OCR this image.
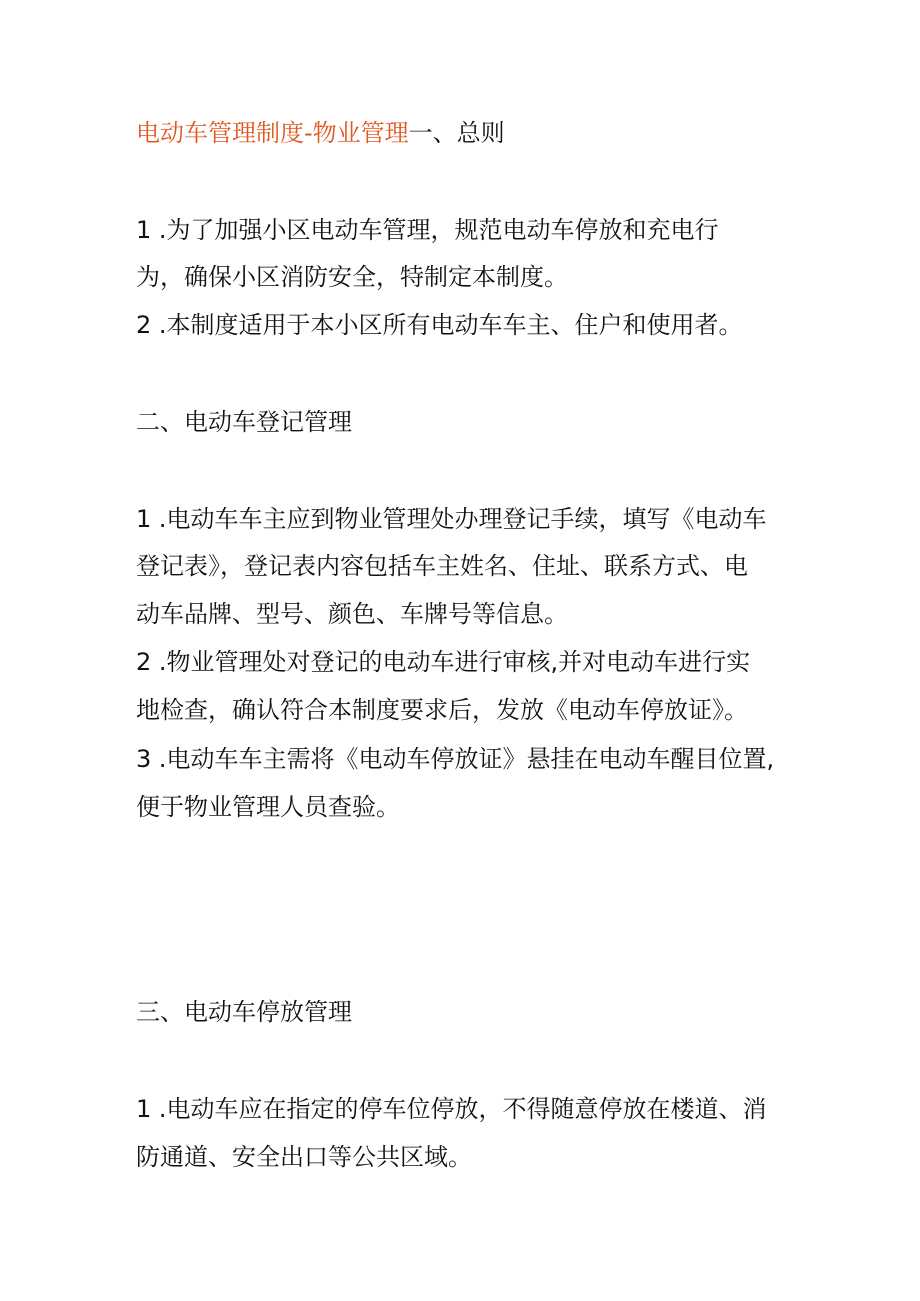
电动车管理制度-物业管理一、总则
1 .为了加强小区电动车管理，规范电动车停放和充电行
为，确保小区消防安全，特制定本制度。
2 .本制度适用于本小区所有电动车车主、住户和使用者。
二、电动车登记管理
1 .电动车车主应到物业管理处办理登记手续，填写《电动车
登记表》，登记表内容包括车主姓名、住址、联系方式、电
动车品牌、型号、颜色、车牌号等信息。
2 .物业管理处对登记的电动车进行审核,并对电动车进行实
地检查，确认符合本制度要求后，发放《电动车停放证》。
3 .电动车车主需将《电动车停放证》悬挂在电动车醒目位置,
便于物业管理人员查验。
三、电动车停放管理
1 .电动车应在指定的停车位停放，不得随意停放在楼道、消
防通道、安全出口等公共区域。
